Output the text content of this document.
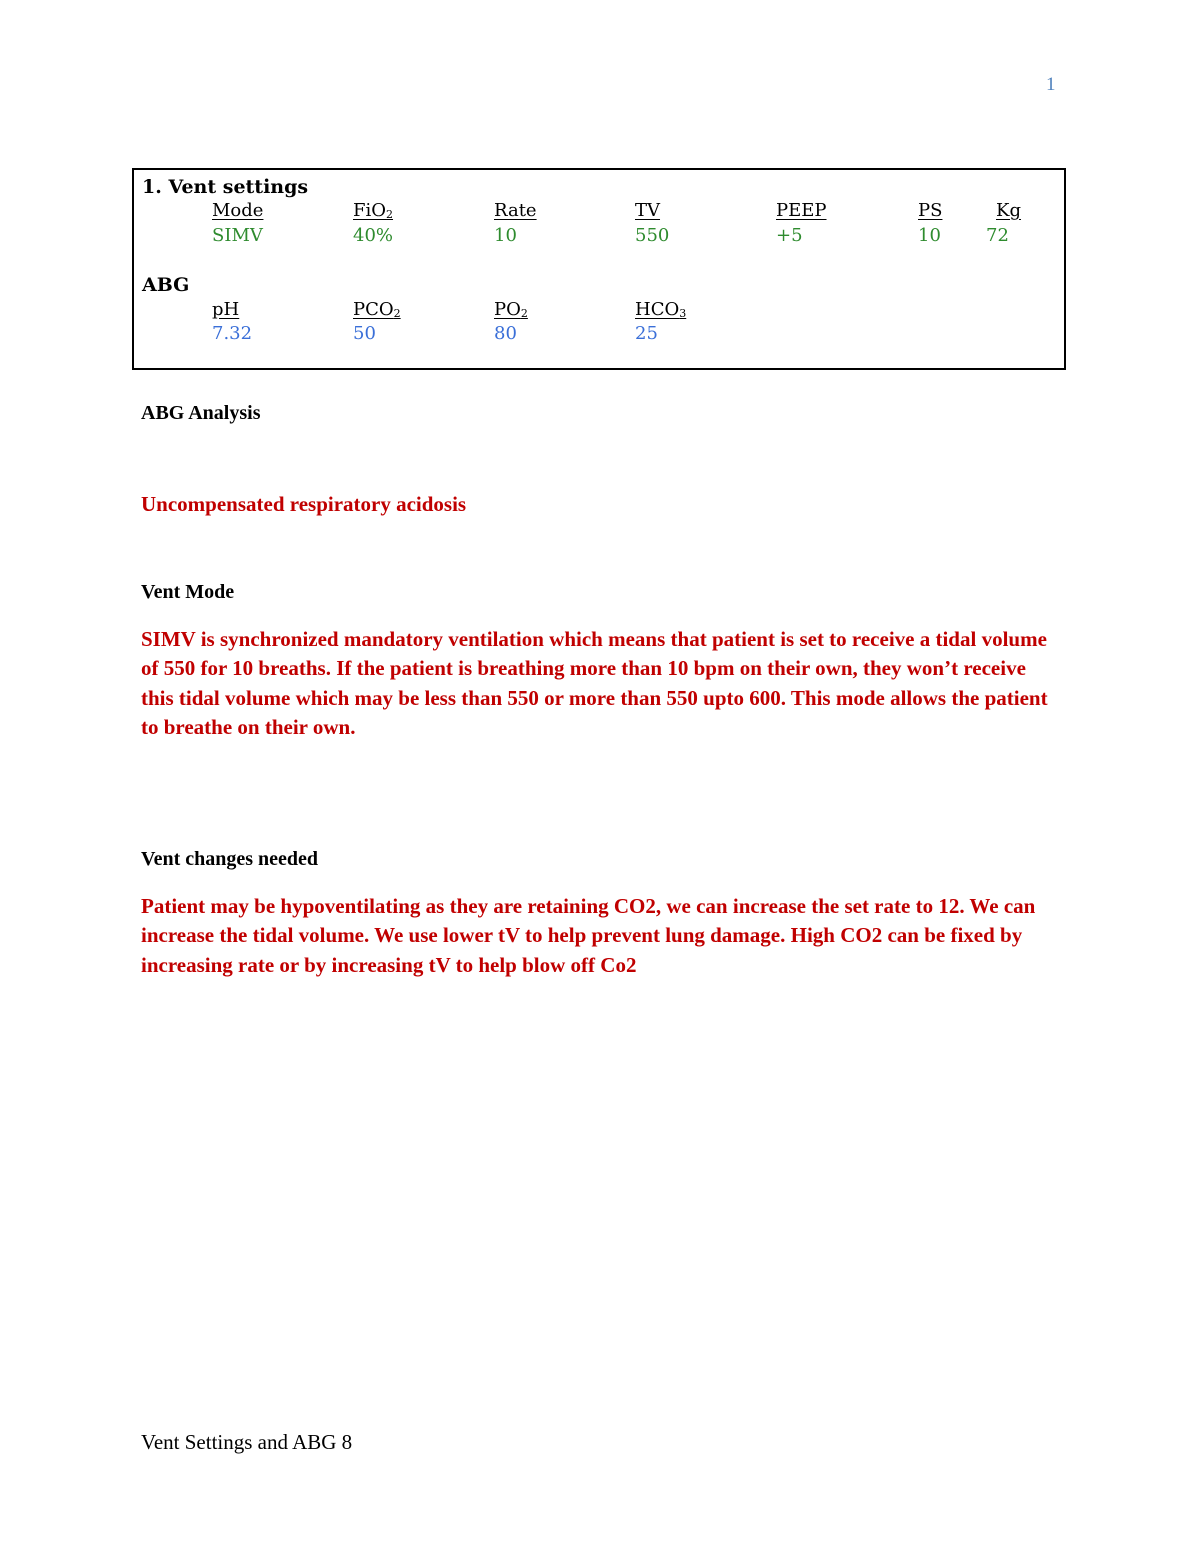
1
1. Vent settings
Mode	FiO$_2$	Rate	TV	PEEP	PS	Kg
SIMV	40%	10	550	+5	10	72
ABG
pH	$PCO_2$	$PO_2$	$HCO_3$
7.32	50	80	25
ABG Analysis
Uncompensated respiratory acidosis
Vent Mode
SIMV is synchronized mandatory ventilation which means that patient is set to receive a tidal volume of 550 for 10 breaths. If the patient is breathing more than 10 bpm on their own, they won’t receive this tidal volume which may be less than 550 or more than 550 upto 600. This mode allows the patient to breathe on their own.
Vent changes needed
Patient may be hypoventilating as they are retaining CO2, we can increase the set rate to 12. We can increase the tidal volume. We use lower tV to help prevent lung damage. High CO2 can be fixed by increasing rate or by increasing tV to help blow off Co2
Vent Settings and ABG 8
